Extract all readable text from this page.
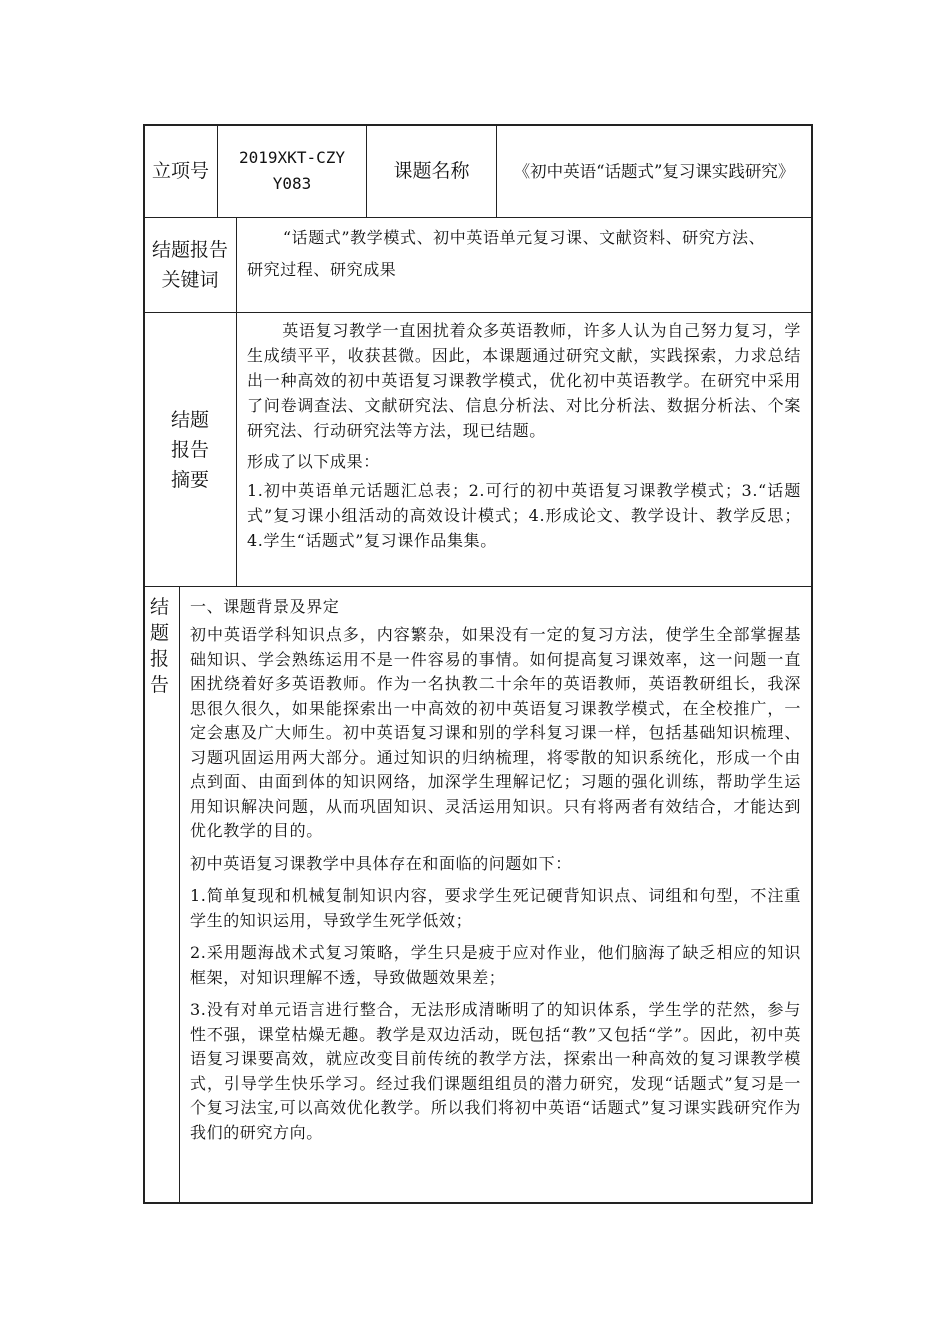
立项号
2019XKT-CZYY083
课题名称	《初中英语“话题式”复习课实践研究》
结题报告关键词
“话题式”教学模式、初中英语单元复习课、文献资料、研究方法、
研究过程、研究成果
结题报告摘要

英语复习教学一直困扰着众多英语教师，许多人认为自己努力复习，学生成绩平平，收获甚微。因此，本课题通过研究文献，实践探索，力求总结出一种高效的初中英语复习课教学模式，优化初中英语教学。在研究中采用了问卷调查法、文献研究法、信息分析法、对比分析法、数据分析法、个案研究法、行动研究法等方法，现已结题。

形成了以下成果：

1.初中英语单元话题汇总表；2.可行的初中英语复习课教学模式；3.“话题式”复习课小组活动的高效设计模式；4.形成论文、教学设计、教学反思；4.学生“话题式”复习课作品集集。

结题报告

一、课题背景及界定

初中英语学科知识点多，内容繁杂，如果没有一定的复习方法，使学生全部掌握基础知识、学会熟练运用不是一件容易的事情。如何提高复习课效率，这一问题一直困扰绕着好多英语教师。作为一名执教二十余年的英语教师，英语教研组长，我深思很久很久，如果能探索出一中高效的初中英语复习课教学模式，在全校推广，一定会惠及广大师生。初中英语复习课和别的学科复习课一样，包括基础知识梳理、习题巩固运用两大部分。通过知识的归纳梳理，将零散的知识系统化，形成一个由点到面、由面到体的知识网络，加深学生理解记忆；习题的强化训练，帮助学生运用知识解决问题，从而巩固知识、灵活运用知识。只有将两者有效结合，才能达到优化教学的目的。

初中英语复习课教学中具体存在和面临的问题如下：

1.简单复现和机械复制知识内容，要求学生死记硬背知识点、词组和句型，不注重学生的知识运用，导致学生死学低效；

2.采用题海战术式复习策略，学生只是疲于应对作业，他们脑海了缺乏相应的知识框架，对知识理解不透，导致做题效果差；

3.没有对单元语言进行整合，无法形成清晰明了的知识体系，学生学的茫然，参与性不强，课堂枯燥无趣。教学是双边活动，既包括“教”又包括“学”。因此，初中英语复习课要高效，就应改变目前传统的教学方法，探索出一种高效的复习课教学模式，引导学生快乐学习。经过我们课题组组员的潜力研究，发现“话题式”复习是一个复习法宝,可以高效优化教学。所以我们将初中英语“话题式”复习课实践研究作为我们的研究方向。
